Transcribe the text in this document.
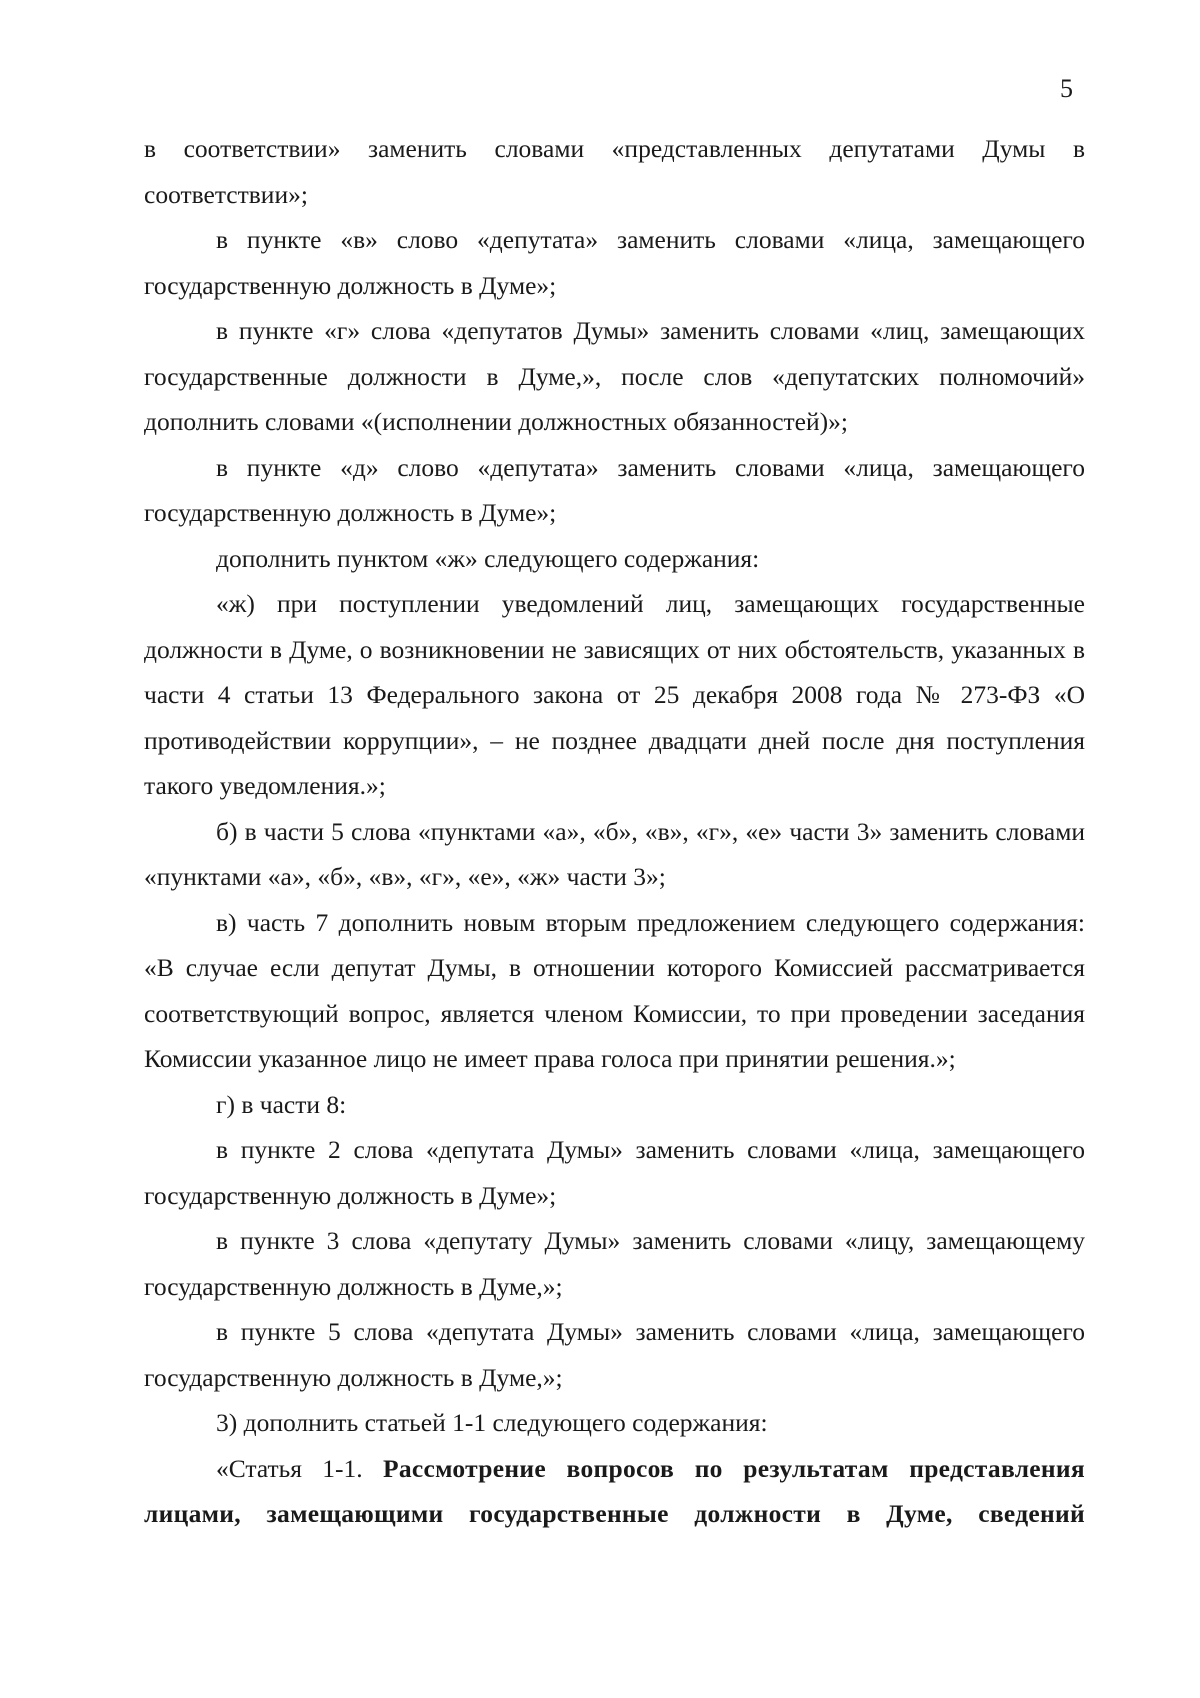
5

в соответствии» заменить словами «представленных депутатами Думы в соответствии»;

в пункте «в» слово «депутата» заменить словами «лица, замещающего государственную должность в Думе»;

в пункте «г» слова «депутатов Думы» заменить словами «лиц, замещающих государственные должности в Думе,», после слов «депутатских полномочий» дополнить словами «(исполнении должностных обязанностей)»;

в пункте «д» слово «депутата» заменить словами «лица, замещающего государственную должность в Думе»;

дополнить пунктом «ж» следующего содержания:

«ж) при поступлении уведомлений лиц, замещающих государственные должности в Думе, о возникновении не зависящих от них обстоятельств, указанных в части 4 статьи 13 Федерального закона от 25 декабря 2008 года № 273-ФЗ «О противодействии коррупции», – не позднее двадцати дней после дня поступления такого уведомления.»;

б) в части 5 слова «пунктами «а», «б», «в», «г», «е» части 3» заменить словами «пунктами «а», «б», «в», «г», «е», «ж» части 3»;

в) часть 7 дополнить новым вторым предложением следующего содержания: «В случае если депутат Думы, в отношении которого Комиссией рассматривается соответствующий вопрос, является членом Комиссии, то при проведении заседания Комиссии указанное лицо не имеет права голоса при принятии решения.»;

г) в части 8:

в пункте 2 слова «депутата Думы» заменить словами «лица, замещающего государственную должность в Думе»;

в пункте 3 слова «депутату Думы» заменить словами «лицу, замещающему государственную должность в Думе,»;

в пункте 5 слова «депутата Думы» заменить словами «лица, замещающего государственную должность в Думе,»;

3) дополнить статьей 1-1 следующего содержания:

«Статья 1-1. Рассмотрение вопросов по результатам представления лицами, замещающими государственные должности в Думе, сведений
